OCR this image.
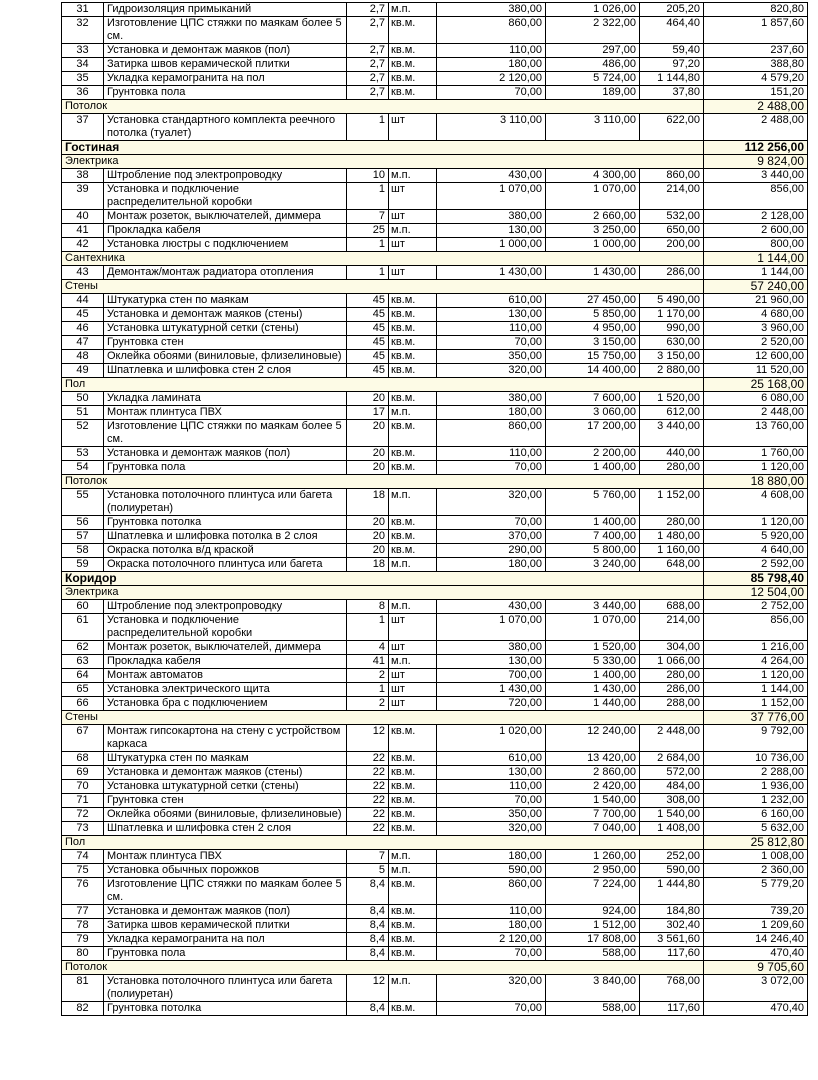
31	Гидроизоляция примыканий	2,7	м.п.	380,00	1 026,00	205,20	820,80
32	Изготовление ЦПС стяжки по маякам более 5 см.	2,7	кв.м.	860,00	2 322,00	464,40	1 857,60
33	Установка и демонтаж маяков (пол)	2,7	кв.м.	110,00	297,00	59,40	237,60
34	Затирка швов керамической плитки	2,7	кв.м.	180,00	486,00	97,20	388,80
35	Укладка керамогранита на пол	2,7	кв.м.	2 120,00	5 724,00	1 144,80	4 579,20
36	Грунтовка пола	2,7	кв.м.	70,00	189,00	37,80	151,20
Потолок							2 488,00
37	Установка стандартного комплекта реечного потолка (туалет)	1	шт	3 110,00	3 110,00	622,00	2 488,00
Гостиная							112 256,00
Электрика							9 824,00
38	Штробление под электропроводку	10	м.п.	430,00	4 300,00	860,00	3 440,00
39	Установка и подключение распределительной коробки	1	шт	1 070,00	1 070,00	214,00	856,00
40	Монтаж розеток, выключателей, диммера	7	шт	380,00	2 660,00	532,00	2 128,00
41	Прокладка кабеля	25	м.п.	130,00	3 250,00	650,00	2 600,00
42	Установка люстры с подключением	1	шт	1 000,00	1 000,00	200,00	800,00
Сантехника							1 144,00
43	Демонтаж/монтаж радиатора отопления	1	шт	1 430,00	1 430,00	286,00	1 144,00
Стены							57 240,00
44	Штукатурка стен по маякам	45	кв.м.	610,00	27 450,00	5 490,00	21 960,00
45	Установка и демонтаж маяков (стены)	45	кв.м.	130,00	5 850,00	1 170,00	4 680,00
46	Установка штукатурной сетки (стены)	45	кв.м.	110,00	4 950,00	990,00	3 960,00
47	Грунтовка стен	45	кв.м.	70,00	3 150,00	630,00	2 520,00
48	Оклейка обоями (виниловые, флизелиновые)	45	кв.м.	350,00	15 750,00	3 150,00	12 600,00
49	Шпатлевка и шлифовка стен 2 слоя	45	кв.м.	320,00	14 400,00	2 880,00	11 520,00
Пол							25 168,00
50	Укладка ламината	20	кв.м.	380,00	7 600,00	1 520,00	6 080,00
51	Монтаж плинтуса ПВХ	17	м.п.	180,00	3 060,00	612,00	2 448,00
52	Изготовление ЦПС стяжки по маякам более 5 см.	20	кв.м.	860,00	17 200,00	3 440,00	13 760,00
53	Установка и демонтаж маяков (пол)	20	кв.м.	110,00	2 200,00	440,00	1 760,00
54	Грунтовка пола	20	кв.м.	70,00	1 400,00	280,00	1 120,00
Потолок							18 880,00
55	Установка потолочного плинтуса или багета (полиуретан)	18	м.п.	320,00	5 760,00	1 152,00	4 608,00
56	Грунтовка потолка	20	кв.м.	70,00	1 400,00	280,00	1 120,00
57	Шпатлевка и шлифовка потолка в 2 слоя	20	кв.м.	370,00	7 400,00	1 480,00	5 920,00
58	Окраска потолка в/д краской	20	кв.м.	290,00	5 800,00	1 160,00	4 640,00
59	Окраска потолочного плинтуса или багета	18	м.п.	180,00	3 240,00	648,00	2 592,00
Коридор							85 798,40
Электрика							12 504,00
60	Штробление под электропроводку	8	м.п.	430,00	3 440,00	688,00	2 752,00
61	Установка и подключение распределительной коробки	1	шт	1 070,00	1 070,00	214,00	856,00
62	Монтаж розеток, выключателей, диммера	4	шт	380,00	1 520,00	304,00	1 216,00
63	Прокладка кабеля	41	м.п.	130,00	5 330,00	1 066,00	4 264,00
64	Монтаж автоматов	2	шт	700,00	1 400,00	280,00	1 120,00
65	Установка электрического щита	1	шт	1 430,00	1 430,00	286,00	1 144,00
66	Установка бра с подключением	2	шт	720,00	1 440,00	288,00	1 152,00
Стены							37 776,00
67	Монтаж гипсокартона на стену с устройством каркаса	12	кв.м.	1 020,00	12 240,00	2 448,00	9 792,00
68	Штукатурка стен по маякам	22	кв.м.	610,00	13 420,00	2 684,00	10 736,00
69	Установка и демонтаж маяков (стены)	22	кв.м.	130,00	2 860,00	572,00	2 288,00
70	Установка штукатурной сетки (стены)	22	кв.м.	110,00	2 420,00	484,00	1 936,00
71	Грунтовка стен	22	кв.м.	70,00	1 540,00	308,00	1 232,00
72	Оклейка обоями (виниловые, флизелиновые)	22	кв.м.	350,00	7 700,00	1 540,00	6 160,00
73	Шпатлевка и шлифовка стен 2 слоя	22	кв.м.	320,00	7 040,00	1 408,00	5 632,00
Пол							25 812,80
74	Монтаж плинтуса ПВХ	7	м.п.	180,00	1 260,00	252,00	1 008,00
75	Установка обычных порожков	5	м.п.	590,00	2 950,00	590,00	2 360,00
76	Изготовление ЦПС стяжки по маякам более 5 см.	8,4	кв.м.	860,00	7 224,00	1 444,80	5 779,20
77	Установка и демонтаж маяков (пол)	8,4	кв.м.	110,00	924,00	184,80	739,20
78	Затирка швов керамической плитки	8,4	кв.м.	180,00	1 512,00	302,40	1 209,60
79	Укладка керамогранита на пол	8,4	кв.м.	2 120,00	17 808,00	3 561,60	14 246,40
80	Грунтовка пола	8,4	кв.м.	70,00	588,00	117,60	470,40
Потолок							9 705,60
81	Установка потолочного плинтуса или багета (полиуретан)	12	м.п.	320,00	3 840,00	768,00	3 072,00
82	Грунтовка потолка	8,4	кв.м.	70,00	588,00	117,60	470,40
